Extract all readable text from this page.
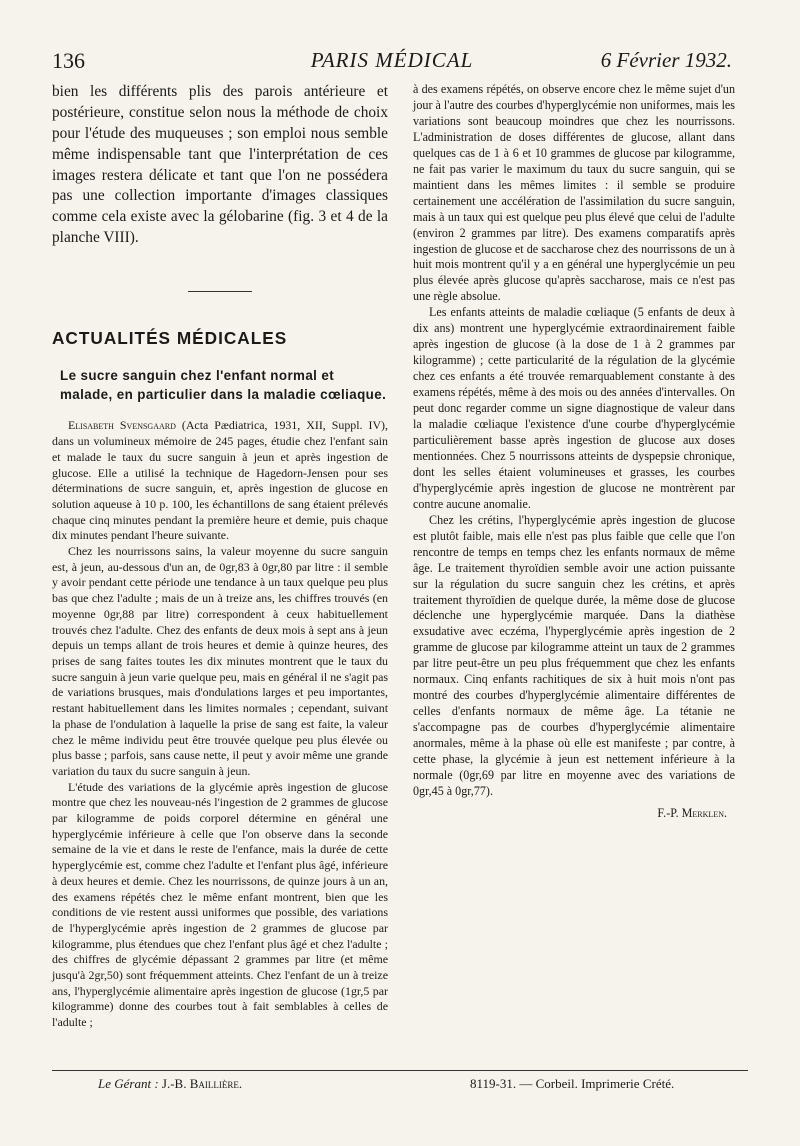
136	PARIS MÉDICAL	6 Février 1932.

bien les différents plis des parois antérieure et postérieure, constitue selon nous la méthode de choix pour l'étude des muqueuses ; son emploi nous semble même indispensable tant que l'interprétation de ces images restera délicate et tant que l'on ne possédera pas une collection importante d'images classiques comme cela existe avec la gélobarine (fig. 3 et 4 de la planche VIII).

ACTUALITÉS MÉDICALES
Le sucre sanguin chez l'enfant normal et malade, en particulier dans la maladie cœliaque.

Elisabeth Svensgaard (Acta Pædiatrica, 1931, XII, Suppl. IV), dans un volumineux mémoire de 245 pages, étudie chez l'enfant sain et malade le taux du sucre sanguin à jeun et après ingestion de glucose. Elle a utilisé la technique de Hagedorn-Jensen pour ses déterminations de sucre sanguin, et, après ingestion de glucose en solution aqueuse à 10 p. 100, les échantillons de sang étaient prélevés chaque cinq minutes pendant la première heure et demie, puis chaque dix minutes pendant l'heure suivante.

Chez les nourrissons sains, la valeur moyenne du sucre sanguin est, à jeun, au-dessous d'un an, de 0gr,83 à 0gr,80 par litre : il semble y avoir pendant cette période une tendance à un taux quelque peu plus bas que chez l'adulte ; mais de un à treize ans, les chiffres trouvés (en moyenne 0gr,88 par litre) correspondent à ceux habituellement trouvés chez l'adulte. Chez des enfants de deux mois à sept ans à jeun depuis un temps allant de trois heures et demie à quinze heures, des prises de sang faites toutes les dix minutes montrent que le taux du sucre sanguin à jeun varie quelque peu, mais en général il ne s'agit pas de variations brusques, mais d'ondulations larges et peu importantes, restant habituellement dans les limites normales ; cependant, suivant la phase de l'ondulation à laquelle la prise de sang est faite, la valeur chez le même individu peut être trouvée quelque peu plus élevée ou plus basse ; parfois, sans cause nette, il peut y avoir même une grande variation du taux du sucre sanguin à jeun.

L'étude des variations de la glycémie après ingestion de glucose montre que chez les nouveau-nés l'ingestion de 2 grammes de glucose par kilogramme de poids corporel détermine en général une hyperglycémie inférieure à celle que l'on observe dans la seconde semaine de la vie et dans le reste de l'enfance, mais la durée de cette hyperglycémie est, comme chez l'adulte et l'enfant plus âgé, inférieure à deux heures et demie. Chez les nourrissons, de quinze jours à un an, des examens répétés chez le même enfant montrent, bien que les conditions de vie restent aussi uniformes que possible, des variations de l'hyperglycémie après ingestion de 2 grammes de glucose par kilogramme, plus étendues que chez l'enfant plus âgé et chez l'adulte ; des chiffres de glycémie dépassant 2 grammes par litre (et même jusqu'à 2gr,50) sont fréquemment atteints. Chez l'enfant de un à treize ans, l'hyperglycémie alimentaire après ingestion de glucose (1gr,5 par kilogramme) donne des courbes tout à fait semblables à celles de l'adulte ;

à des examens répétés, on observe encore chez le même sujet d'un jour à l'autre des courbes d'hyperglycémie non uniformes, mais les variations sont beaucoup moindres que chez les nourrissons. L'administration de doses différentes de glucose, allant dans quelques cas de 1 à 6 et 10 grammes de glucose par kilogramme, ne fait pas varier le maximum du taux du sucre sanguin, qui se maintient dans les mêmes limites : il semble se produire certainement une accélération de l'assimilation du sucre sanguin, mais à un taux qui est quelque peu plus élevé que celui de l'adulte (environ 2 grammes par litre). Des examens comparatifs après ingestion de glucose et de saccharose chez des nourrissons de un à huit mois montrent qu'il y a en général une hyperglycémie un peu plus élevée après glucose qu'après saccharose, mais ce n'est pas une règle absolue.

Les enfants atteints de maladie cœliaque (5 enfants de deux à dix ans) montrent une hyperglycémie extraordinairement faible après ingestion de glucose (à la dose de 1 à 2 grammes par kilogramme) ; cette particularité de la régulation de la glycémie chez ces enfants a été trouvée remarquablement constante à des examens répétés, même à des mois ou des années d'intervalles. On peut donc regarder comme un signe diagnostique de valeur dans la maladie cœliaque l'existence d'une courbe d'hyperglycémie particulièrement basse après ingestion de glucose aux doses mentionnées. Chez 5 nourrissons atteints de dyspepsie chronique, dont les selles étaient volumineuses et grasses, les courbes d'hyperglycémie après ingestion de glucose ne montrèrent par contre aucune anomalie.

Chez les crétins, l'hyperglycémie après ingestion de glucose est plutôt faible, mais elle n'est pas plus faible que celle que l'on rencontre de temps en temps chez les enfants normaux de même âge. Le traitement thyroïdien semble avoir une action puissante sur la régulation du sucre sanguin chez les crétins, et après traitement thyroïdien de quelque durée, la même dose de glucose déclenche une hyperglycémie marquée. Dans la diathèse exsudative avec eczéma, l'hyperglycémie après ingestion de 2 gramme de glucose par kilogramme atteint un taux de 2 grammes par litre peut-être un peu plus fréquemment que chez les enfants normaux. Cinq enfants rachitiques de six à huit mois n'ont pas montré des courbes d'hyperglycémie alimentaire différentes de celles d'enfants normaux de même âge. La tétanie ne s'accompagne pas de courbes d'hyperglycémie alimentaire anormales, même à la phase où elle est manifeste ; par contre, à cette phase, la glycémie à jeun est nettement inférieure à la normale (0gr,69 par litre en moyenne avec des variations de 0gr,45 à 0gr,77).

F.-P. Merklen.

Le Gérant : J.-B. Baillière.	8119-31. — Corbeil. Imprimerie Crété.
